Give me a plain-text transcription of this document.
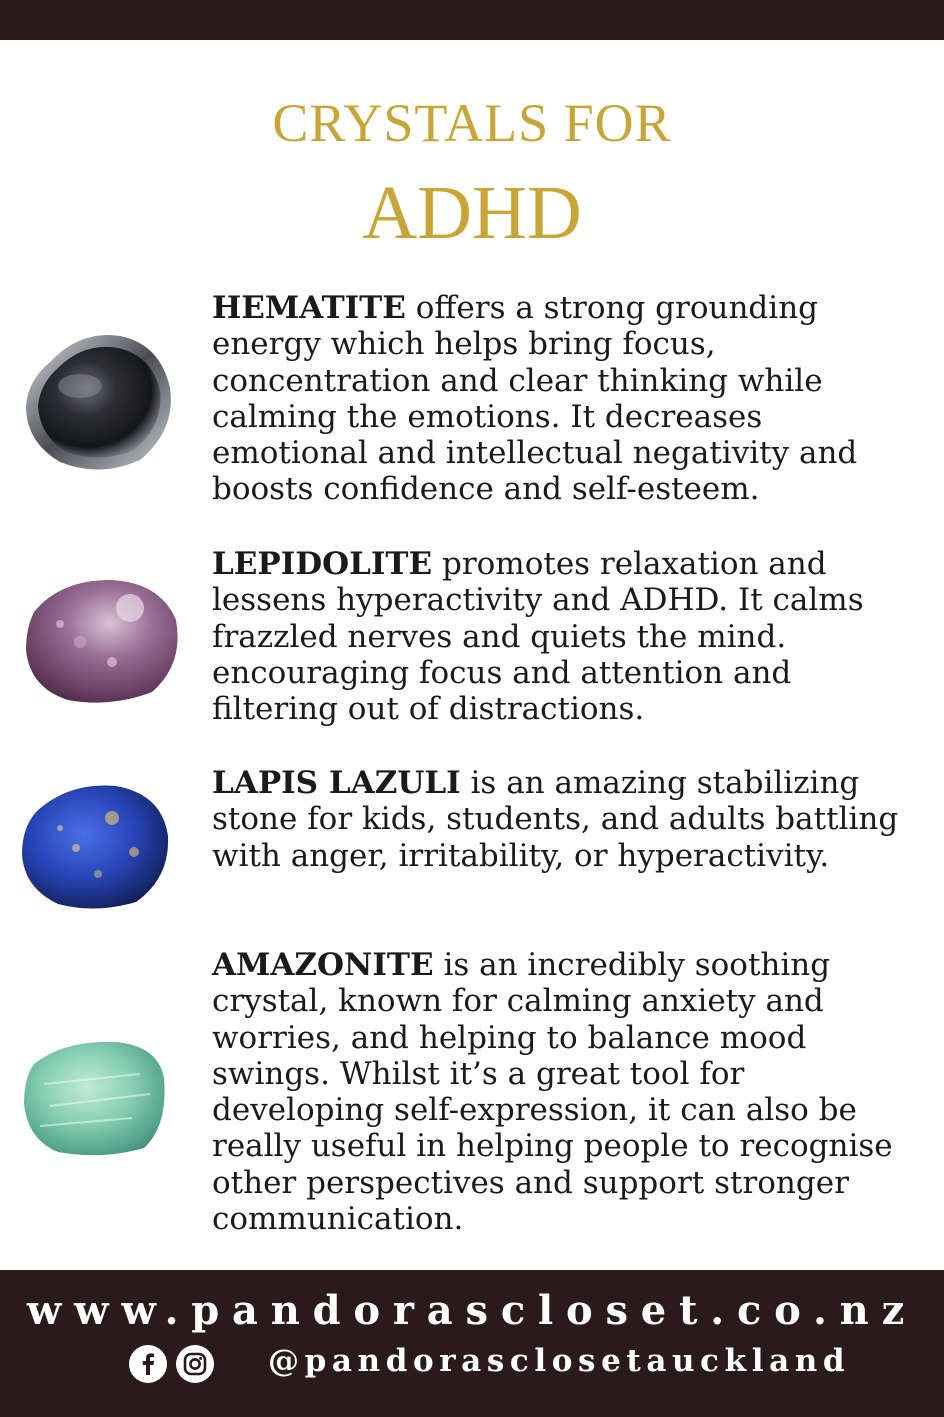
CRYSTALS FOR
ADHD
HEMATITE offers a strong grounding
energy which helps bring focus,
concentration and clear thinking while
calming the emotions. It decreases
emotional and intellectual negativity and
boosts confidence and self-esteem.
LEPIDOLITE promotes relaxation and
lessens hyperactivity and ADHD. It calms
frazzled nerves and quiets the mind.
encouraging focus and attention and
filtering out of distractions.
LAPIS LAZULI is an amazing stabilizing
stone for kids, students, and adults battling
with anger, irritability, or hyperactivity.
AMAZONITE is an incredibly soothing
crystal, known for calming anxiety and
worries, and helping to balance mood
swings. Whilst it’s a great tool for
developing self-expression, it can also be
really useful in helping people to recognise
other perspectives and support stronger
communication.
www.pandorascloset.co.nz
@pandorasclosetauckland
